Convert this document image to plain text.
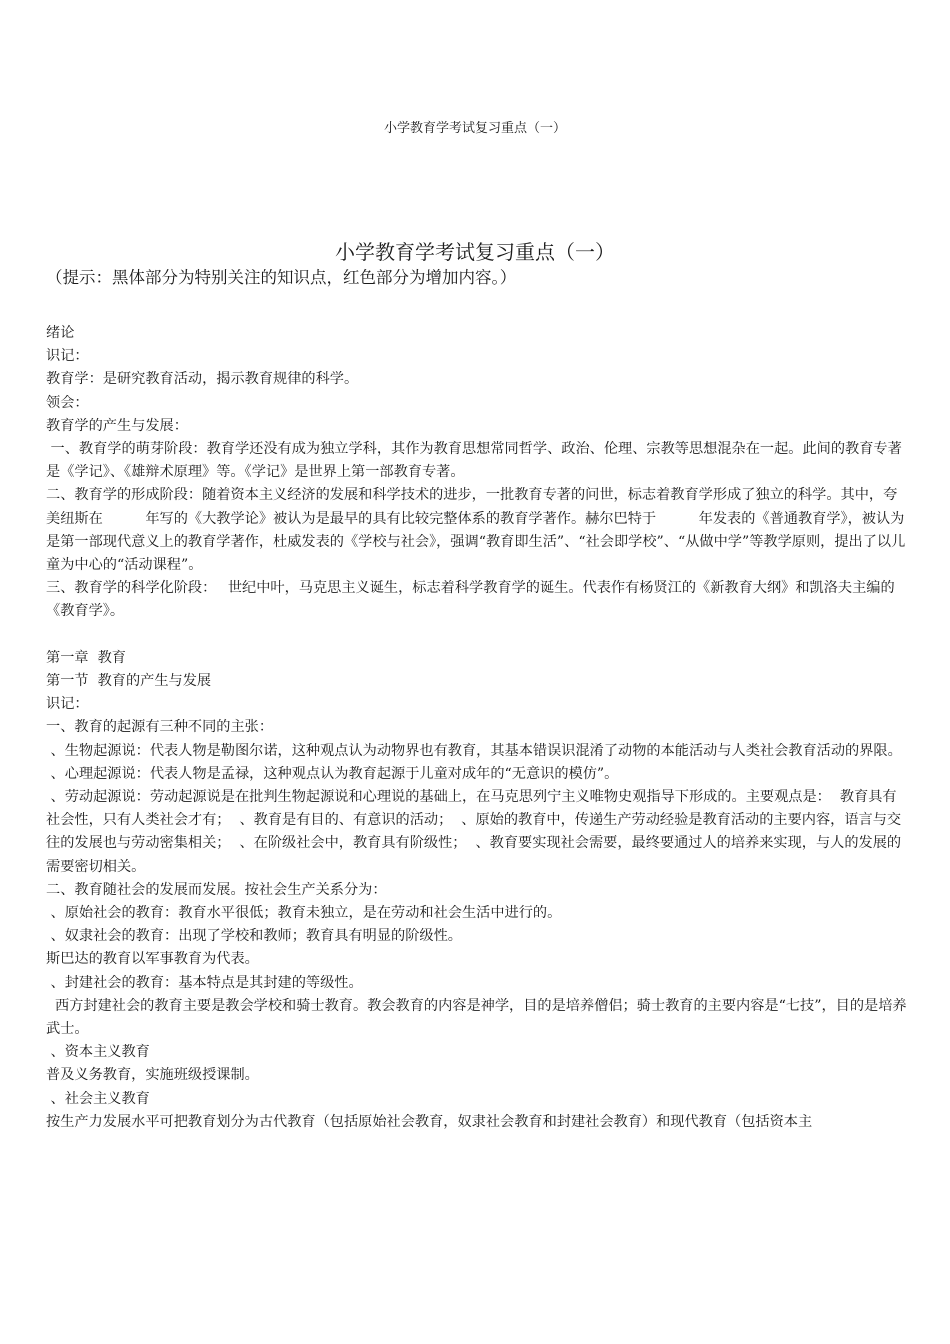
小学教育学考试复习重点（一）
小学教育学考试复习重点（一）
（提示：黑体部分为特别关注的知识点，红色部分为增加内容。）

绪论

识记：

教育学：是研究教育活动，揭示教育规律的科学。

领会：

教育学的产生与发展：

一、教育学的萌芽阶段：教育学还没有成为独立学科，其作为教育思想常同哲学、政治、伦理、宗教等思想混杂在一起。此间的教育专著是《学记》、《雄辩术原理》等。《学记》是世界上第一部教育专著。

二、教育学的形成阶段：随着资本主义经济的发展和科学技术的进步，一批教育专著的问世，标志着教育学形成了独立的科学。其中，夸美纽斯在　　　年写的《大教学论》被认为是最早的具有比较完整体系的教育学著作。赫尔巴特于　　　年发表的《普通教育学》，被认为是第一部现代意义上的教育学著作，杜威发表的《学校与社会》，强调“教育即生活”、“社会即学校”、“从做中学”等教学原则，提出了以儿童为中心的“活动课程”。

三、教育学的科学化阶段：　 世纪中叶，马克思主义诞生，标志着科学教育学的诞生。代表作有杨贤江的《新教育大纲》和凯洛夫主编的《教育学》。

第一章  教育

第一节  教育的产生与发展

识记：

一、教育的起源有三种不同的主张：

、生物起源说：代表人物是勒图尔诺，这种观点认为动物界也有教育，其基本错误识混淆了动物的本能活动与人类社会教育活动的界限。

、心理起源说：代表人物是孟禄，这种观点认为教育起源于儿童对成年的“无意识的模仿”。

、劳动起源说：劳动起源说是在批判生物起源说和心理说的基础上，在马克思列宁主义唯物史观指导下形成的。主要观点是：  教育具有社会性，只有人类社会才有；  、教育是有目的、有意识的活动；  、原始的教育中，传递生产劳动经验是教育活动的主要内容，语言与交往的发展也与劳动密集相关；  、在阶级社会中，教育具有阶级性；  、教育要实现社会需要，最终要通过人的培养来实现，与人的发展的需要密切相关。

二、教育随社会的发展而发展。按社会生产关系分为：

、原始社会的教育：教育水平很低；教育未独立，是在劳动和社会生活中进行的。

、奴隶社会的教育：出现了学校和教师；教育具有明显的阶级性。

斯巴达的教育以军事教育为代表。

、封建社会的教育：基本特点是其封建的等级性。

西方封建社会的教育主要是教会学校和骑士教育。教会教育的内容是神学，目的是培养僧侣；骑士教育的主要内容是“七技”，目的是培养武士。

、资本主义教育

普及义务教育，实施班级授课制。

、社会主义教育

按生产力发展水平可把教育划分为古代教育（包括原始社会教育，奴隶社会教育和封建社会教育）和现代教育（包括资本主
